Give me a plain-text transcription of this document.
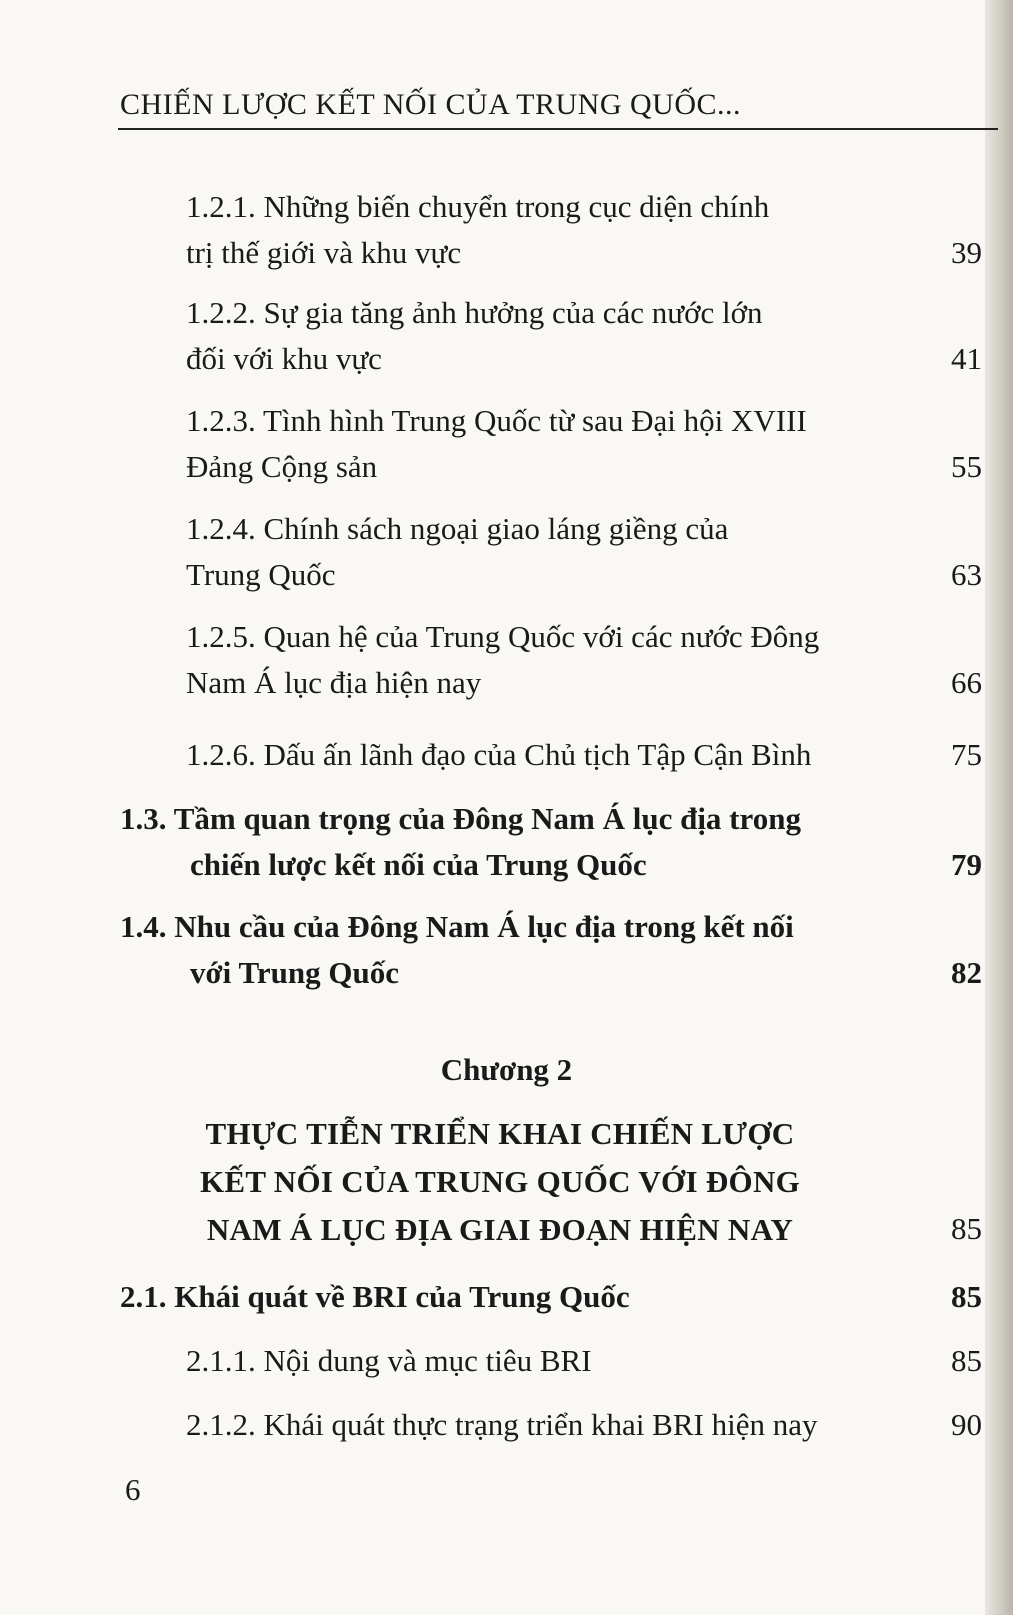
CHIẾN LƯỢC KẾT NỐI CỦA TRUNG QUỐC...
1.2.1. Những biến chuyển trong cục diện chính
trị thế giới và khu vực	39
1.2.2. Sự gia tăng ảnh hưởng của các nước lớn
đối với khu vực	41
1.2.3. Tình hình Trung Quốc từ sau Đại hội XVIII
Đảng Cộng sản	55
1.2.4. Chính sách ngoại giao láng giềng của
Trung Quốc	63
1.2.5. Quan hệ của Trung Quốc với các nước Đông
Nam Á lục địa hiện nay	66
1.2.6. Dấu ấn lãnh đạo của Chủ tịch Tập Cận Bình	75
1.3. Tầm quan trọng của Đông Nam Á lục địa trong
chiến lược kết nối của Trung Quốc	79
1.4. Nhu cầu của Đông Nam Á lục địa trong kết nối
với Trung Quốc	82
Chương 2
THỰC TIỄN TRIỂN KHAI CHIẾN LƯỢC
KẾT NỐI CỦA TRUNG QUỐC VỚI ĐÔNG
NAM Á LỤC ĐỊA GIAI ĐOẠN HIỆN NAY	85
2.1. Khái quát về BRI của Trung Quốc	85
2.1.1. Nội dung và mục tiêu BRI	85
2.1.2. Khái quát thực trạng triển khai BRI hiện nay	90
6
